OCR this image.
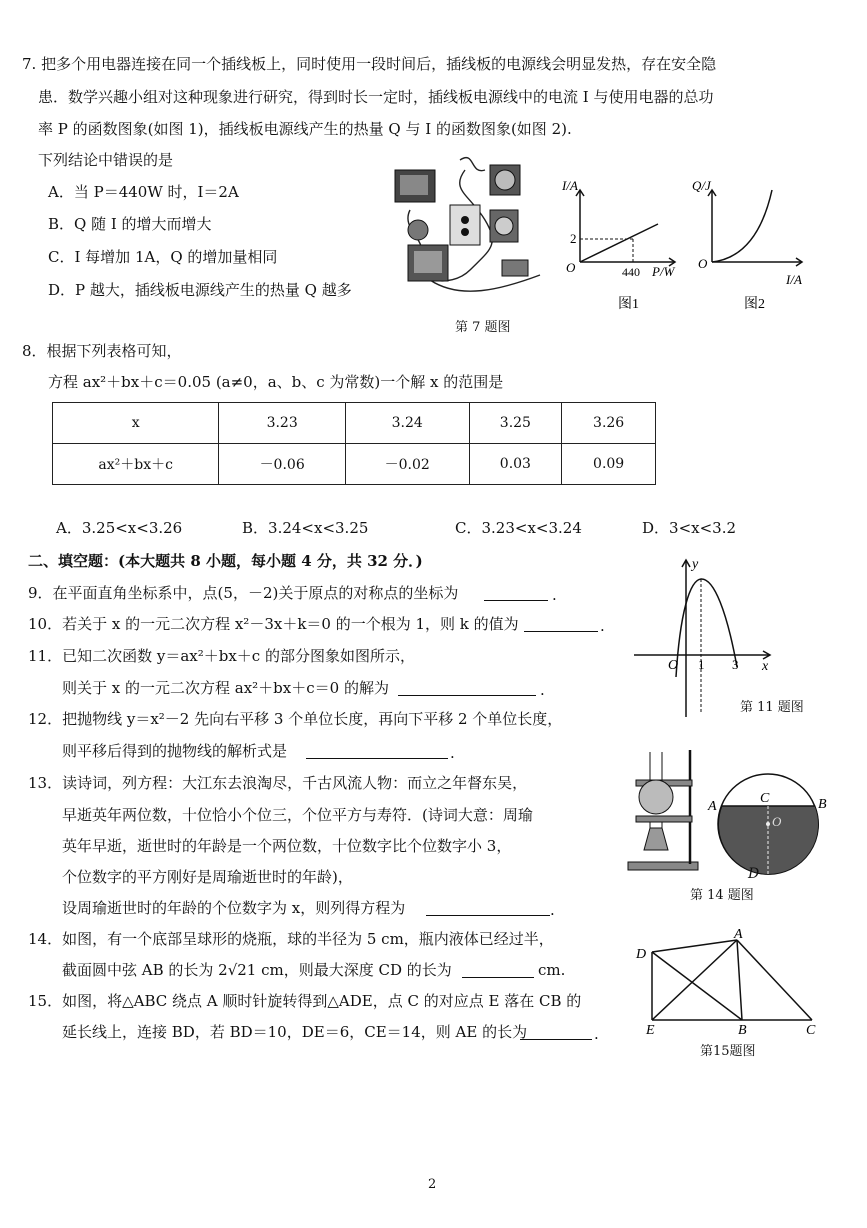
7. 把多个用电器连接在同一个插线板上，同时使用一段时间后，插线板的电源线会明显发热，存在安全隐
患．数学兴趣小组对这种现象进行研究，得到时长一定时，插线板电源线中的电流 I 与使用电器的总功
率 P 的函数图象(如图 1)，插线板电源线产生的热量 Q 与 I 的函数图象(如图 2).
下列结论中错误的是
A．当 P＝440W 时，I＝2A
B．Q 随 I 的增大而增大
C．I 每增加 1A，Q 的增加量相同
D．P 越大，插线板电源线产生的热量 Q 越多
I/A
P/W
O
2
440
图1
Q/J
I/A
O
图2
第 7 题图
8．根据下列表格可知，
方程 ax²＋bx＋c＝0.05 (a≠0，a、b、c 为常数)一个解 x 的范围是
x	3.23	3.24	3.25	3.26
ax²＋bx＋c	－0.06	－0.02	0.03	0.09
A．3.25<x<3.26	B．3.24<x<3.25	C．3.23<x<3.24	D．3<x<3.2
二、填空题：(本大题共 8 小题，每小题 4 分，共 32 分．)
9．在平面直角坐标系中，点(5，－2)关于原点的对称点的坐标为	.
10．若关于 x 的一元二次方程 x²－3x＋k＝0 的一个根为 1，则 k 的值为	.
11．已知二次函数 y＝ax²＋bx＋c 的部分图象如图所示，
则关于 x 的一元二次方程 ax²＋bx＋c＝0 的解为	.
y
x
O 1 3
第 11 题图
12．把抛物线 y＝x²－2 先向右平移 3 个单位长度，再向下平移 2 个单位长度，
则平移后得到的抛物线的解析式是	.
13．读诗词，列方程：大江东去浪淘尽，千古风流人物：而立之年督东吴，
早逝英年两位数，十位恰小个位三，个位平方与寿符．(诗词大意：周瑜
英年早逝，逝世时的年龄是一个两位数，十位数字比个位数字小 3，
个位数字的平方刚好是周瑜逝世时的年龄)，
设周瑜逝世时的年龄的个位数字为 x，则列得方程为	.
A	B
C
O
D
第 14 题图
14．如图，有一个底部呈球形的烧瓶，球的半径为 5 cm，瓶内液体已经过半，
截面圆中弦 AB 的长为 2√21 cm，则最大深度 CD 的长为	cm.
15．如图，将△ABC 绕点 A 顺时针旋转得到△ADE，点 C 的对应点 E 落在 CB 的
延长线上，连接 BD，若 BD＝10，DE＝6，CE＝14，则 AE 的长为	.
A
D
E	B	C
第15题图
2
